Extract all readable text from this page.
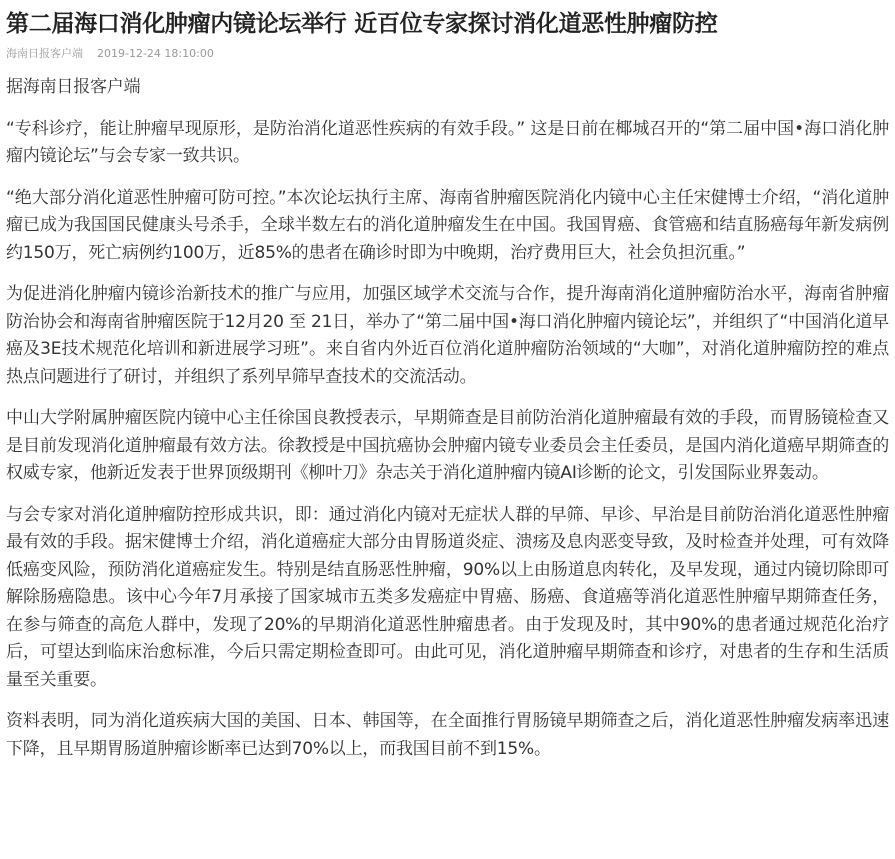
第二届海口消化肿瘤内镜论坛举行 近百位专家探讨消化道恶性肿瘤防控
海南日报客户端 2019-12-24 18:10:00

据海南日报客户端

“专科诊疗，能让肿瘤早现原形，是防治消化道恶性疾病的有效手段。” 这是日前在椰城召开的“第二届中国•海口消化肿瘤内镜论坛”与会专家一致共识。

“绝大部分消化道恶性肿瘤可防可控。”本次论坛执行主席、海南省肿瘤医院消化内镜中心主任宋健博士介绍，“消化道肿瘤已成为我国国民健康头号杀手，全球半数左右的消化道肿瘤发生在中国。我国胃癌、食管癌和结直肠癌每年新发病例约150万，死亡病例约100万，近85%的患者在确诊时即为中晚期，治疗费用巨大，社会负担沉重。”

为促进消化肿瘤内镜诊治新技术的推广与应用，加强区域学术交流与合作，提升海南消化道肿瘤防治水平，海南省肿瘤防治协会和海南省肿瘤医院于12月20 至 21日，举办了“第二届中国•海口消化肿瘤内镜论坛”，并组织了“中国消化道早癌及3E技术规范化培训和新进展学习班”。来自省内外近百位消化道肿瘤防治领域的“大咖”，对消化道肿瘤防控的难点热点问题进行了研讨，并组织了系列早筛早查技术的交流活动。

中山大学附属肿瘤医院内镜中心主任徐国良教授表示，早期筛查是目前防治消化道肿瘤最有效的手段，而胃肠镜检查又是目前发现消化道肿瘤最有效方法。徐教授是中国抗癌协会肿瘤内镜专业委员会主任委员，是国内消化道癌早期筛查的权威专家，他新近发表于世界顶级期刊《柳叶刀》杂志关于消化道肿瘤内镜AI诊断的论文，引发国际业界轰动。

与会专家对消化道肿瘤防控形成共识，即：通过消化内镜对无症状人群的早筛、早诊、早治是目前防治消化道恶性肿瘤最有效的手段。据宋健博士介绍，消化道癌症大部分由胃肠道炎症、溃疡及息肉恶变导致，及时检查并处理，可有效降低癌变风险，预防消化道癌症发生。特别是结直肠恶性肿瘤，90%以上由肠道息肉转化，及早发现，通过内镜切除即可解除肠癌隐患。该中心今年7月承接了国家城市五类多发癌症中胃癌、肠癌、食道癌等消化道恶性肿瘤早期筛查任务，在参与筛查的高危人群中，发现了20%的早期消化道恶性肿瘤患者。由于发现及时，其中90%的患者通过规范化治疗后，可望达到临床治愈标准，今后只需定期检查即可。由此可见，消化道肿瘤早期筛查和诊疗，对患者的生存和生活质量至关重要。

资料表明，同为消化道疾病大国的美国、日本、韩国等，在全面推行胃肠镜早期筛查之后，消化道恶性肿瘤发病率迅速下降，且早期胃肠道肿瘤诊断率已达到70%以上，而我国目前不到15%。
